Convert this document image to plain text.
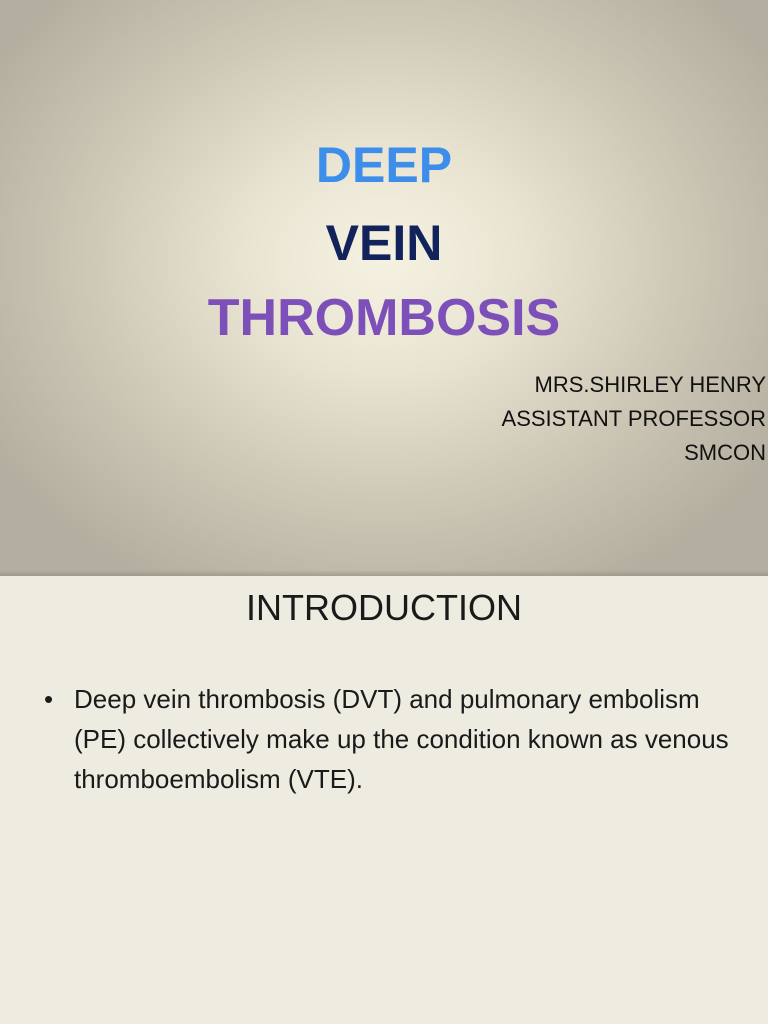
DEEP
VEIN
THROMBOSIS
MRS.SHIRLEY HENRY
ASSISTANT PROFESSOR
SMCON
INTRODUCTION
• Deep vein thrombosis (DVT) and pulmonary embolism (PE) collectively make up the condition known as venous thromboembolism (VTE).
